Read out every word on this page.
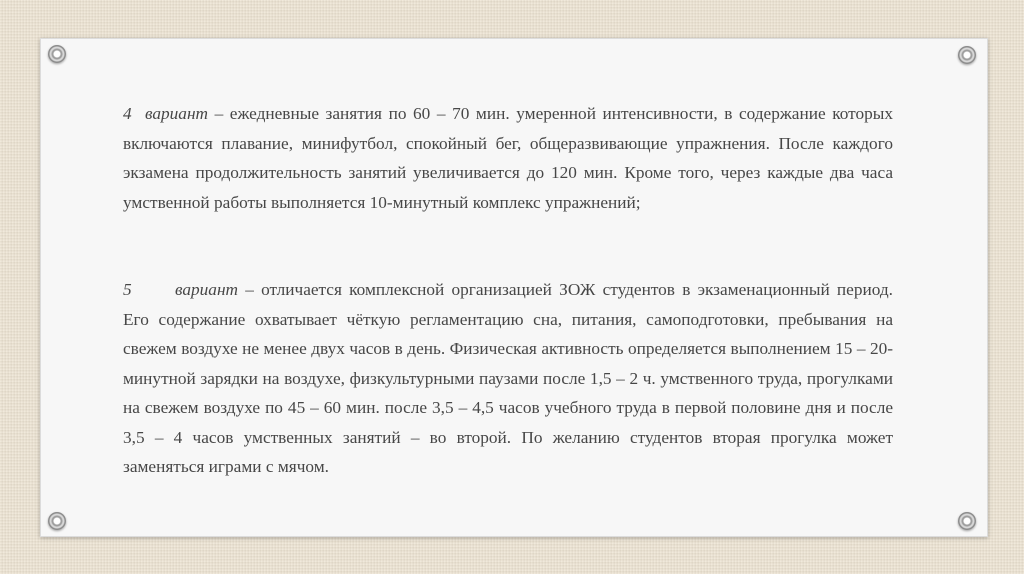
4 вариант – ежедневные занятия по 60 – 70 мин. умеренной интенсивности, в содержание которых включаются плавание, минифутбол, спокойный бег, общеразвивающие упражнения. После каждого экзамена продолжительность занятий увеличивается до 120 мин. Кроме того, через каждые два часа умственной работы выполняется 10-минутный комплекс упражнений;

5	вариант – отличается комплексной организацией ЗОЖ студентов в экзаменационный период. Его содержание охватывает чёткую регламентацию сна, питания, самоподготовки, пребывания на свежем воздухе не менее двух часов в день. Физическая активность определяется выполнением 15 – 20-минутной зарядки на воздухе, физкультурными паузами после 1,5 – 2 ч. умственного труда, прогулками на свежем воздухе по 45 – 60 мин. после 3,5 – 4,5 часов учебного труда в первой половине дня и после 3,5 – 4 часов умственных занятий – во второй. По желанию студентов вторая прогулка может заменяться играми с мячом.
